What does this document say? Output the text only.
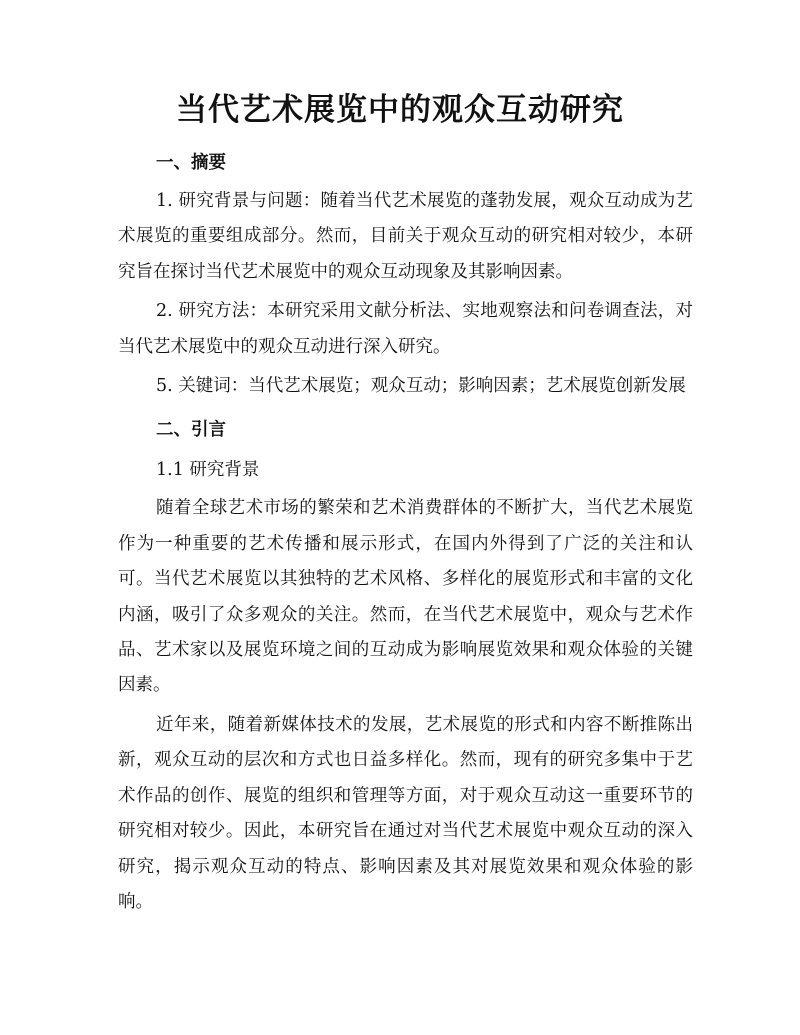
当代艺术展览中的观众互动研究

一、摘要

1. 研究背景与问题：随着当代艺术展览的蓬勃发展，观众互动成为艺术展览的重要组成部分。然而，目前关于观众互动的研究相对较少，本研究旨在探讨当代艺术展览中的观众互动现象及其影响因素。

2. 研究方法：本研究采用文献分析法、实地观察法和问卷调查法，对当代艺术展览中的观众互动进行深入研究。

5. 关键词：当代艺术展览；观众互动；影响因素；艺术展览创新发展

二、引言

1.1 研究背景

随着全球艺术市场的繁荣和艺术消费群体的不断扩大，当代艺术展览作为一种重要的艺术传播和展示形式，在国内外得到了广泛的关注和认可。当代艺术展览以其独特的艺术风格、多样化的展览形式和丰富的文化内涵，吸引了众多观众的关注。然而，在当代艺术展览中，观众与艺术作品、艺术家以及展览环境之间的互动成为影响展览效果和观众体验的关键因素。

近年来，随着新媒体技术的发展，艺术展览的形式和内容不断推陈出新，观众互动的层次和方式也日益多样化。然而，现有的研究多集中于艺术作品的创作、展览的组织和管理等方面，对于观众互动这一重要环节的研究相对较少。因此，本研究旨在通过对当代艺术展览中观众互动的深入研究，揭示观众互动的特点、影响因素及其对展览效果和观众体验的影响。
